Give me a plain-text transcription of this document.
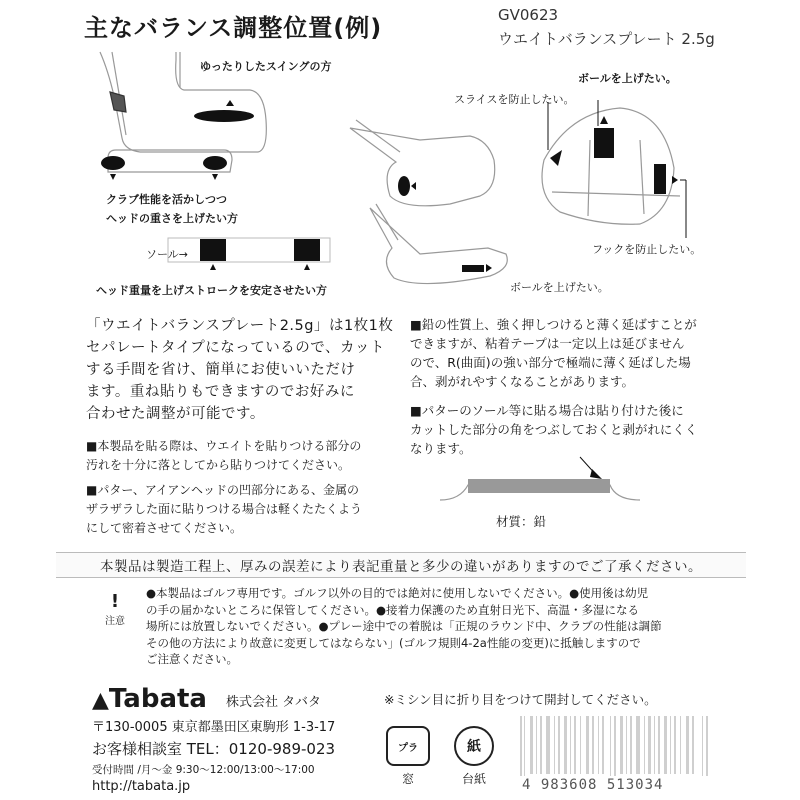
主なバランス調整位置(例)	GV0623
ウエイトバランスプレート 2.5g
ゆったりしたスイングの方
クラブ性能を活かしつつ
ヘッドの重さを上げたい方
ソール→
ヘッド重量を上げストロークを安定させたい方
ボールを上げたい。
スライスを防止したい。
フックを防止したい。
ボールを上げたい。
「ウエイトバランスプレート2.5g」は1枚1枚
セパレートタイプになっているので、カット
する手間を省け、簡単にお使いいただけ
ます。重ね貼りもできますのでお好みに
合わせた調整が可能です。
■本製品を貼る際は、ウエイトを貼りつける部分の
汚れを十分に落としてから貼りつけてください。
■パター、アイアンヘッドの凹部分にある、金属の
ザラザラした面に貼りつける場合は軽くたたくよう
にして密着させてください。
■鉛の性質上、強く押しつけると薄く延ばすことが
できますが、粘着テープは一定以上は延びません
ので、R(曲面)の強い部分で極端に薄く延ばした場
合、剥がれやすくなることがあります。
■パターのソール等に貼る場合は貼り付けた後に
カットした部分の角をつぶしておくと剥がれにくく
なります。
材質：鉛
本製品は製造工程上、厚みの誤差により表記重量と多少の違いがありますのでご了承ください。
!
注意
●本製品はゴルフ専用です。ゴルフ以外の目的では絶対に使用しないでください。●使用後は幼児
の手の届かないところに保管してください。●接着力保護のため直射日光下、高温・多湿になる
場所には放置しないでください。●プレー途中での着脱は「正規のラウンド中、クラブの性能は調節
その他の方法により故意に変更してはならない」(ゴルフ規則4-2a性能の変更)に抵触しますので
ご注意ください。
▲Tabata 株式会社 タバタ
〒130-0005 東京都墨田区東駒形 1-3-17
お客様相談室 TEL：0120-989-023
受付時間 /月～金 9:30～12:00/13:00～17:00
http://tabata.jp
※ミシン目に折り目をつけて開封してください。
プラ
窓
紙
台紙	4 983608 513034
